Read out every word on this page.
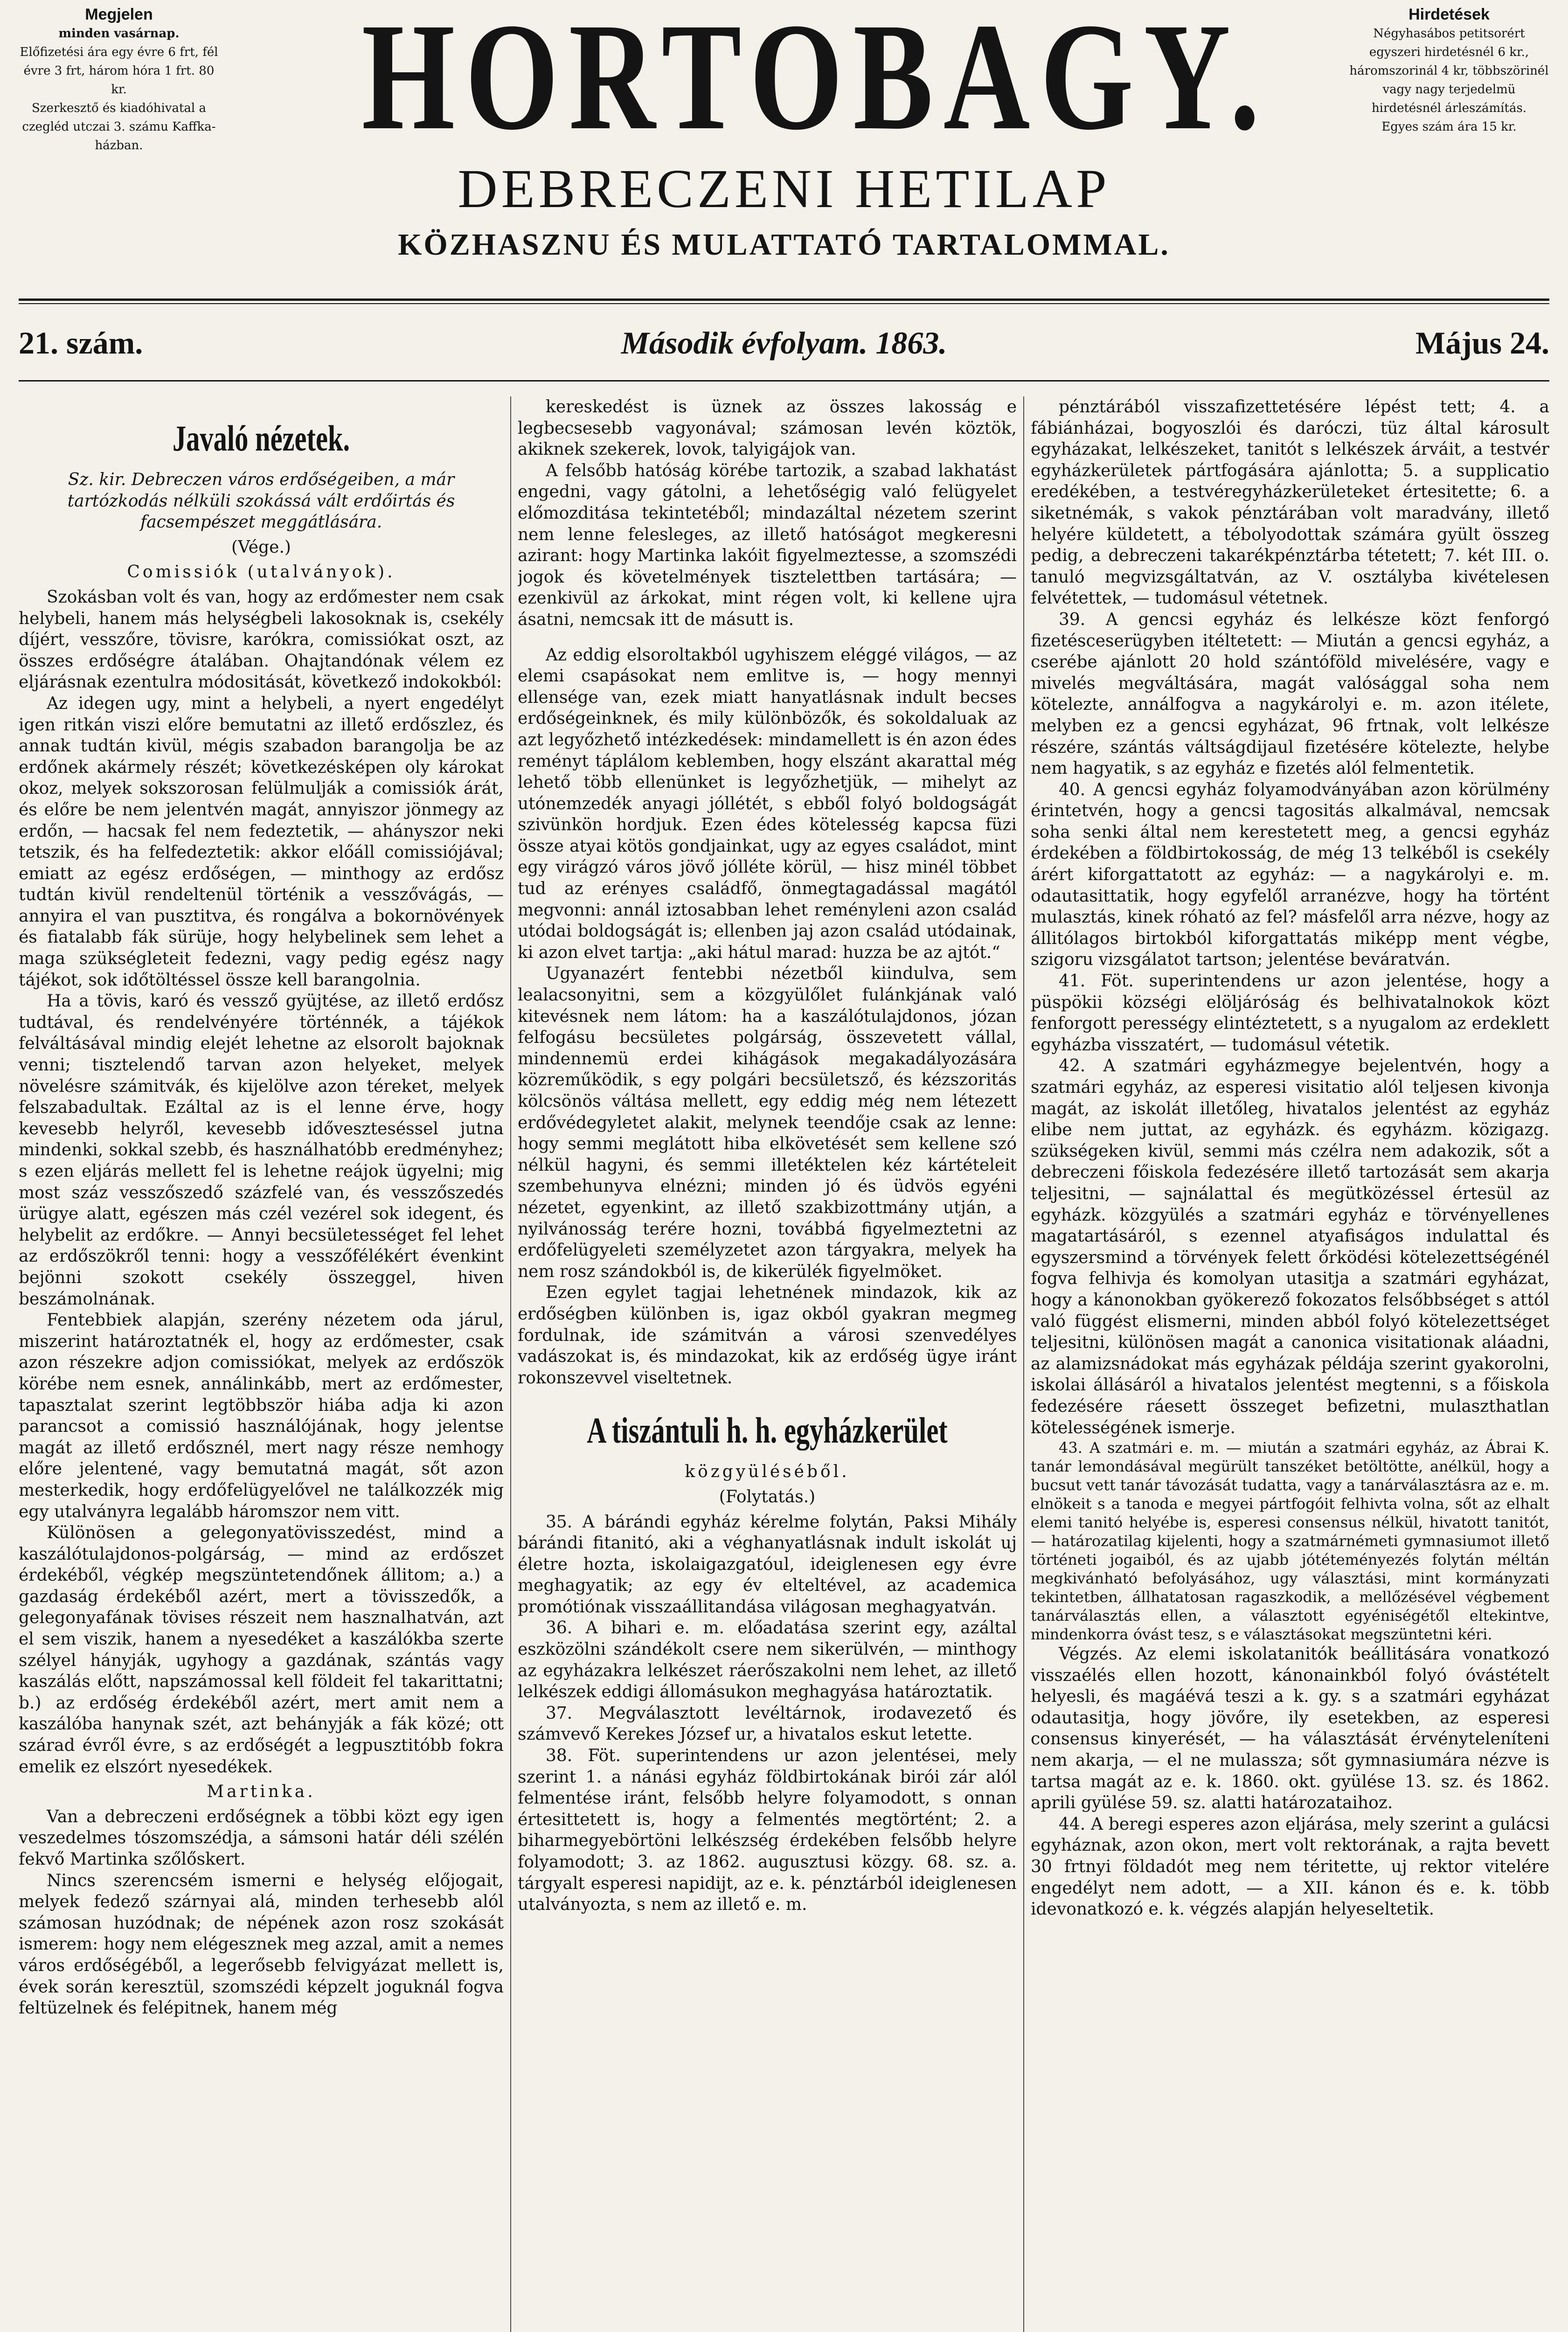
Megjelen

minden vasárnap.

Előfizetési ára egy évre 6 frt, fél évre 3 frt, három hóra 1 frt. 80 kr.

Szerkesztő és kiadóhivatal a czegléd utczai 3. számu Kaffka-házban.	HORTOBAGY.
DEBRECZENI HETILAP
KÖZHASZNU ÉS MULATTATÓ TARTALOMMAL.
Hirdetések

Négyhasábos petitsorért egyszeri hirdetésnél 6 kr., háromszorinál 4 kr, többszörinél vagy nagy terjedelmü hirdetésnél árleszámítás.

Egyes szám ára 15 kr.

21. szám.	Második évfolyam. 1863.	Május 24.
Javaló nézetek.
Sz. kir. Debreczen város erdőségeiben, a már tartózkodás nélküli szokássá vált erdőirtás és facsempészet meggátlására.

(Vége.)

Comissiók (utalványok).

Szokásban volt és van, hogy az erdőmester nem csak helybeli, hanem más helységbeli lakosoknak is, csekély díjért, vesszőre, tövisre, karókra, comissiókat oszt, az összes erdőségre átalában. Ohajtandónak vélem ez eljárásnak ezentulra módositását, következő indokokból:

Az idegen ugy, mint a helybeli, a nyert engedélyt igen ritkán viszi előre bemutatni az illető erdőszlez, és annak tudtán kivül, mégis szabadon barangolja be az erdőnek akármely részét; következésképen oly károkat okoz, melyek sokszorosan felülmulják a comissiók árát, és előre be nem jelentvén magát, annyiszor jönmegy az erdőn, — hacsak fel nem fedeztetik, — ahányszor neki tetszik, és ha felfedeztetik: akkor előáll comissiójával; emiatt az egész erdőségen, — minthogy az erdősz tudtán kivül rendeltenül történik a vesszővágás, — annyira el van pusztitva, és rongálva a bokornövények és fiatalabb fák sürüje, hogy helybelinek sem lehet a maga szükségleteit fedezni, vagy pedig egész nagy tájékot, sok időtöltéssel össze kell barangolnia.

Ha a tövis, karó és vessző gyüjtése, az illető erdősz tudtával, és rendelvényére történnék, a tájékok felváltásával mindig elejét lehetne az elsorolt bajoknak venni; tisztelendő tarvan azon helyeket, melyek növelésre számitvák, és kijelölve azon téreket, melyek felszabadultak. Ezáltal az is el lenne érve, hogy kevesebb helyről, kevesebb időveszteséssel jutna mindenki, sokkal szebb, és használhatóbb eredményhez; s ezen eljárás mellett fel is lehetne reájok ügyelni; mig most száz vesszőszedő százfelé van, és vesszőszedés ürügye alatt, egészen más czél vezérel sok idegent, és helybelit az erdőkre. — Annyi becsületességet fel lehet az erdőszökről tenni: hogy a vesszőfélékért évenkint bejönni szokott csekély összeggel, hiven beszámolnának.

Fentebbiek alapján, szerény nézetem oda járul, miszerint határoztatnék el, hogy az erdőmester, csak azon részekre adjon comissiókat, melyek az erdőszök körébe nem esnek, annálinkább, mert az erdőmester, tapasztalat szerint legtöbbször hiába adja ki azon parancsot a comissió használójának, hogy jelentse magát az illető erdősznél, mert nagy része nemhogy előre jelentené, vagy bemutatná magát, sőt azon mesterkedik, hogy erdőfelügyelővel ne találkozzék mig egy utalványra legalább háromszor nem vitt.

Különösen a gelegonyatövisszedést, mind a kaszálótulajdonos-polgárság, — mind az erdőszet érdekéből, végkép megszüntetendőnek állitom; a.) a gazdaság érdekéből azért, mert a tövisszedők, a gelegonyafának tövises részeit nem hasznalhatván, azt el sem viszik, hanem a nyesedéket a kaszálókba szerte szélyel hányják, ugyhogy a gazdának, szántás vagy kaszálás előtt, napszámossal kell földeit fel takarittatni; b.) az erdőség érdekéből azért, mert amit nem a kaszálóba hanynak szét, azt behányják a fák közé; ott szárad évről évre, s az erdőségét a legpusztitóbb fokra emelik ez elszórt nyesedékek.

Martinka.

Van a debreczeni erdőségnek a többi közt egy igen veszedelmes tószomszédja, a sámsoni határ déli szélén fekvő Martinka szőlőskert.

Nincs szerencsém ismerni e helység előjogait, melyek fedező szárnyai alá, minden terhesebb alól számosan huzódnak; de népének azon rosz szokását ismerem: hogy nem elégesznek meg azzal, amit a nemes város erdőségéből, a legerősebb felvigyázat mellett is, évek során keresztül, szomszédi képzelt joguknál fogva feltüzelnek és felépitnek, hanem még

kereskedést is üznek az összes lakosság e legbecsesebb vagyonával; számosan levén köztök, akiknek szekerek, lovok, talyigájok van.

A felsőbb hatóság körébe tartozik, a szabad lakhatást engedni, vagy gátolni, a lehetőségig való felügyelet előmozditása tekintetéből; mindazáltal nézetem szerint nem lenne felesleges, az illető hatóságot megkeresni azirant: hogy Martinka lakóit figyelmeztesse, a szomszédi jogok és követelmények tisztelettben tartására; — ezenkivül az árkokat, mint régen volt, ki kellene ujra ásatni, nemcsak itt de másutt is.

Az eddig elsoroltakból ugyhiszem eléggé világos, — az elemi csapásokat nem emlitve is, — hogy mennyi ellensége van, ezek miatt hanyatlásnak indult becses erdőségeinknek, és mily különbözők, és sokoldaluak az azt legyőzhető intézkedések: mindamellett is én azon édes reményt táplálom keblemben, hogy elszánt akarattal még lehető több ellenünket is legyőzhetjük, — mihelyt az utónemzedék anyagi jóllétét, s ebből folyó boldogságát szivünkön hordjuk. Ezen édes kötelesség kapcsa füzi össze atyai kötös gondjainkat, ugy az egyes családot, mint egy virágzó város jövő jólléte körül, — hisz minél többet tud az erényes családfő, önmegtagadással magától megvonni: annál iztosabban lehet reményleni azon család utódai boldogságát is; ellenben jaj azon család utódainak, ki azon elvet tartja: „aki hátul marad: huzza be az ajtót.“

Ugyanazért fentebbi nézetből kiindulva, sem lealacsonyitni, sem a közgyülőlet fulánkjának való kitevésnek nem látom: ha a kaszálótulajdonos, józan felfogásu becsületes polgárság, összevetett vállal, mindennemü erdei kihágások megakadályozására közreműködik, s egy polgári becsületsző, és kézszoritás kölcsönös váltása mellett, egy eddig még nem létezett erdővédegyletet alakit, melynek teendője csak az lenne: hogy semmi meglátott hiba elkövetését sem kellene szó nélkül hagyni, és semmi illetéktelen kéz kártételeit szembehunyva elnézni; minden jó és üdvös egyéni nézetet, egyenkint, az illető szakbizottmány utján, a nyilvánosság terére hozni, továbbá figyelmeztetni az erdőfelügyeleti személyzetet azon tárgyakra, melyek ha nem rosz szándokból is, de kikerülék figyelmöket.

Ezen egylet tagjai lehetnének mindazok, kik az erdőségben különben is, igaz okból gyakran megmeg fordulnak, ide számitván a városi szenvedélyes vadászokat is, és mindazokat, kik az erdőség ügye iránt rokonszevvel viseltetnek.

A tiszántuli h. h. egyházkerület

közgyüléséből.

(Folytatás.)

35. A bárándi egyház kérelme folytán, Paksi Mihály bárándi fitanitó, aki a véghanyatlásnak indult iskolát uj életre hozta, iskolaigazgatóul, ideiglenesen egy évre meghagyatik; az egy év elteltével, az academica promótiónak visszaállitandása világosan meghagyatván.

36. A bihari e. m. előadatása szerint egy, azáltal eszközölni szándékolt csere nem sikerülvén, — minthogy az egyházakra lelkészet ráerőszakolni nem lehet, az illető lelkészek eddigi állomásukon meghagyása határoztatik.

37. Megválasztott levéltárnok, irodavezető és számvevő Kerekes József ur, a hivatalos eskut letette.

38. Föt. superintendens ur azon jelentései, mely szerint 1. a nánási egyház földbirtokának birói zár alól felmentése iránt, felsőbb helyre folyamodott, s onnan értesittetett is, hogy a felmentés megtörtént; 2. a biharmegyebörtöni lelkészség érdekében felsőbb helyre folyamodott; 3. az 1862. augusztusi közgy. 68. sz. a. tárgyalt esperesi napidijt, az e. k. pénztárból ideiglenesen utalványozta, s nem az illető e. m.

pénztárából visszafizettetésére lépést tett; 4. a fábiánházai, bogyoszlói és daróczi, tüz által károsult egyházakat, lelkészeket, tanitót s lelkészek árváit, a testvér egyházkerületek pártfogására ajánlotta; 5. a supplicatio eredékében, a testvéregyházkerületeket értesitette; 6. a siketnémák, s vakok pénztárában volt maradvány, illető helyére küldetett, a tébolyodottak számára gyült összeg pedig, a debreczeni takarékpénztárba tétetett; 7. két III. o. tanuló megvizsgáltatván, az V. osztályba kivételesen felvétettek, — tudomásul vétetnek.

39. A gencsi egyház és lelkésze közt fenforgó fizetésceserügyben itéltetett: — Miután a gencsi egyház, a cserébe ajánlott 20 hold szántóföld mivelésére, vagy e mivelés megváltására, magát valósággal soha nem kötelezte, annálfogva a nagykárolyi e. m. azon itélete, melyben ez a gencsi egyházat, 96 frtnak, volt lelkésze részére, szántás váltságdijaul fizetésére kötelezte, helybe nem hagyatik, s az egyház e fizetés alól felmentetik.

40. A gencsi egyház folyamodványában azon körülmény érintetvén, hogy a gencsi tagositás alkalmával, nemcsak soha senki által nem kerestetett meg, a gencsi egyház érdekében a földbirtokosság, de még 13 telkéből is csekély árért kiforgattatott az egyház: — a nagykárolyi e. m. odautasittatik, hogy egyfelől arranézve, hogy ha történt mulasztás, kinek róható az fel? másfelől arra nézve, hogy az állitólagos birtokból kiforgattatás miképp ment végbe, szigoru vizsgálatot tartson; jelentése beváratván.

41. Föt. superintendens ur azon jelentése, hogy a püspökii községi elöljáróság és belhivatalnokok közt fenforgott perességy elintéztetett, s a nyugalom az erdeklett egyházba visszatért, — tudomásul vétetik.

42. A szatmári egyházmegye bejelentvén, hogy a szatmári egyház, az esperesi visitatio alól teljesen kivonja magát, az iskolát illetőleg, hivatalos jelentést az egyház elibe nem juttat, az egyházk. és egyházm. közigazg. szükségeken kivül, semmi más czélra nem adakozik, sőt a debreczeni főiskola fedezésére illető tartozását sem akarja teljesitni, — sajnálattal és megütközéssel értesül az egyházk. közgyülés a szatmári egyház e törvényellenes magatartásáról, s ezennel atyafiságos indulattal és egyszersmind a törvények felett őrködési kötelezettségénél fogva felhivja és komolyan utasitja a szatmári egyházat, hogy a kánonokban gyökerező fokozatos felsőbbséget s attól való függést elismerni, minden abból folyó kötelezettséget teljesitni, különösen magát a canonica visitationak aláadni, az alamizsnádokat más egyházak példája szerint gyakorolni, iskolai állásáról a hivatalos jelentést megtenni, s a főiskola fedezésére ráesett összeget befizetni, mulaszthatlan kötelességének ismerje.

43. A szatmári e. m. — miután a szatmári egyház, az Ábrai K. tanár lemondásával megürült tanszéket betöltötte, anélkül, hogy a bucsut vett tanár távozását tudatta, vagy a tanárválasztásra az e. m. elnökeit s a tanoda e megyei pártfogóit felhivta volna, sőt az elhalt elemi tanitó helyébe is, esperesi consensus nélkül, hivatott tanitót, — határozatilag kijelenti, hogy a szatmárnémeti gymnasiumot illető történeti jogaiból, és az ujabb jótéteményezés folytán méltán megkivánható befolyásához, ugy választási, mint kormányzati tekintetben, állhatatosan ragaszkodik, a mellőzésével végbement tanárválasztás ellen, a választott egyéniségétől eltekintve, mindenkorra óvást tesz, s e választásokat megszüntetni kéri.

Végzés. Az elemi iskolatanitók beállitására vonatkozó visszaélés ellen hozott, kánonainkból folyó óvástételt helyesli, és magáévá teszi a k. gy. s a szatmári egyházat odautasitja, hogy jövőre, ily esetekben, az esperesi consensus kinyerését, — ha választását érvényteleníteni nem akarja, — el ne mulassza; sőt gymnasiumára nézve is tartsa magát az e. k. 1860. okt. gyülése 13. sz. és 1862. aprili gyülése 59. sz. alatti határozataihoz.

44. A beregi esperes azon eljárása, mely szerint a gulácsi egyháznak, azon okon, mert volt rektorának, a rajta bevett 30 frtnyi földadót meg nem téritette, uj rektor vitelére engedélyt nem adott, — a XII. kánon és e. k. több idevonatkozó e. k. végzés alapján helyeseltetik.
